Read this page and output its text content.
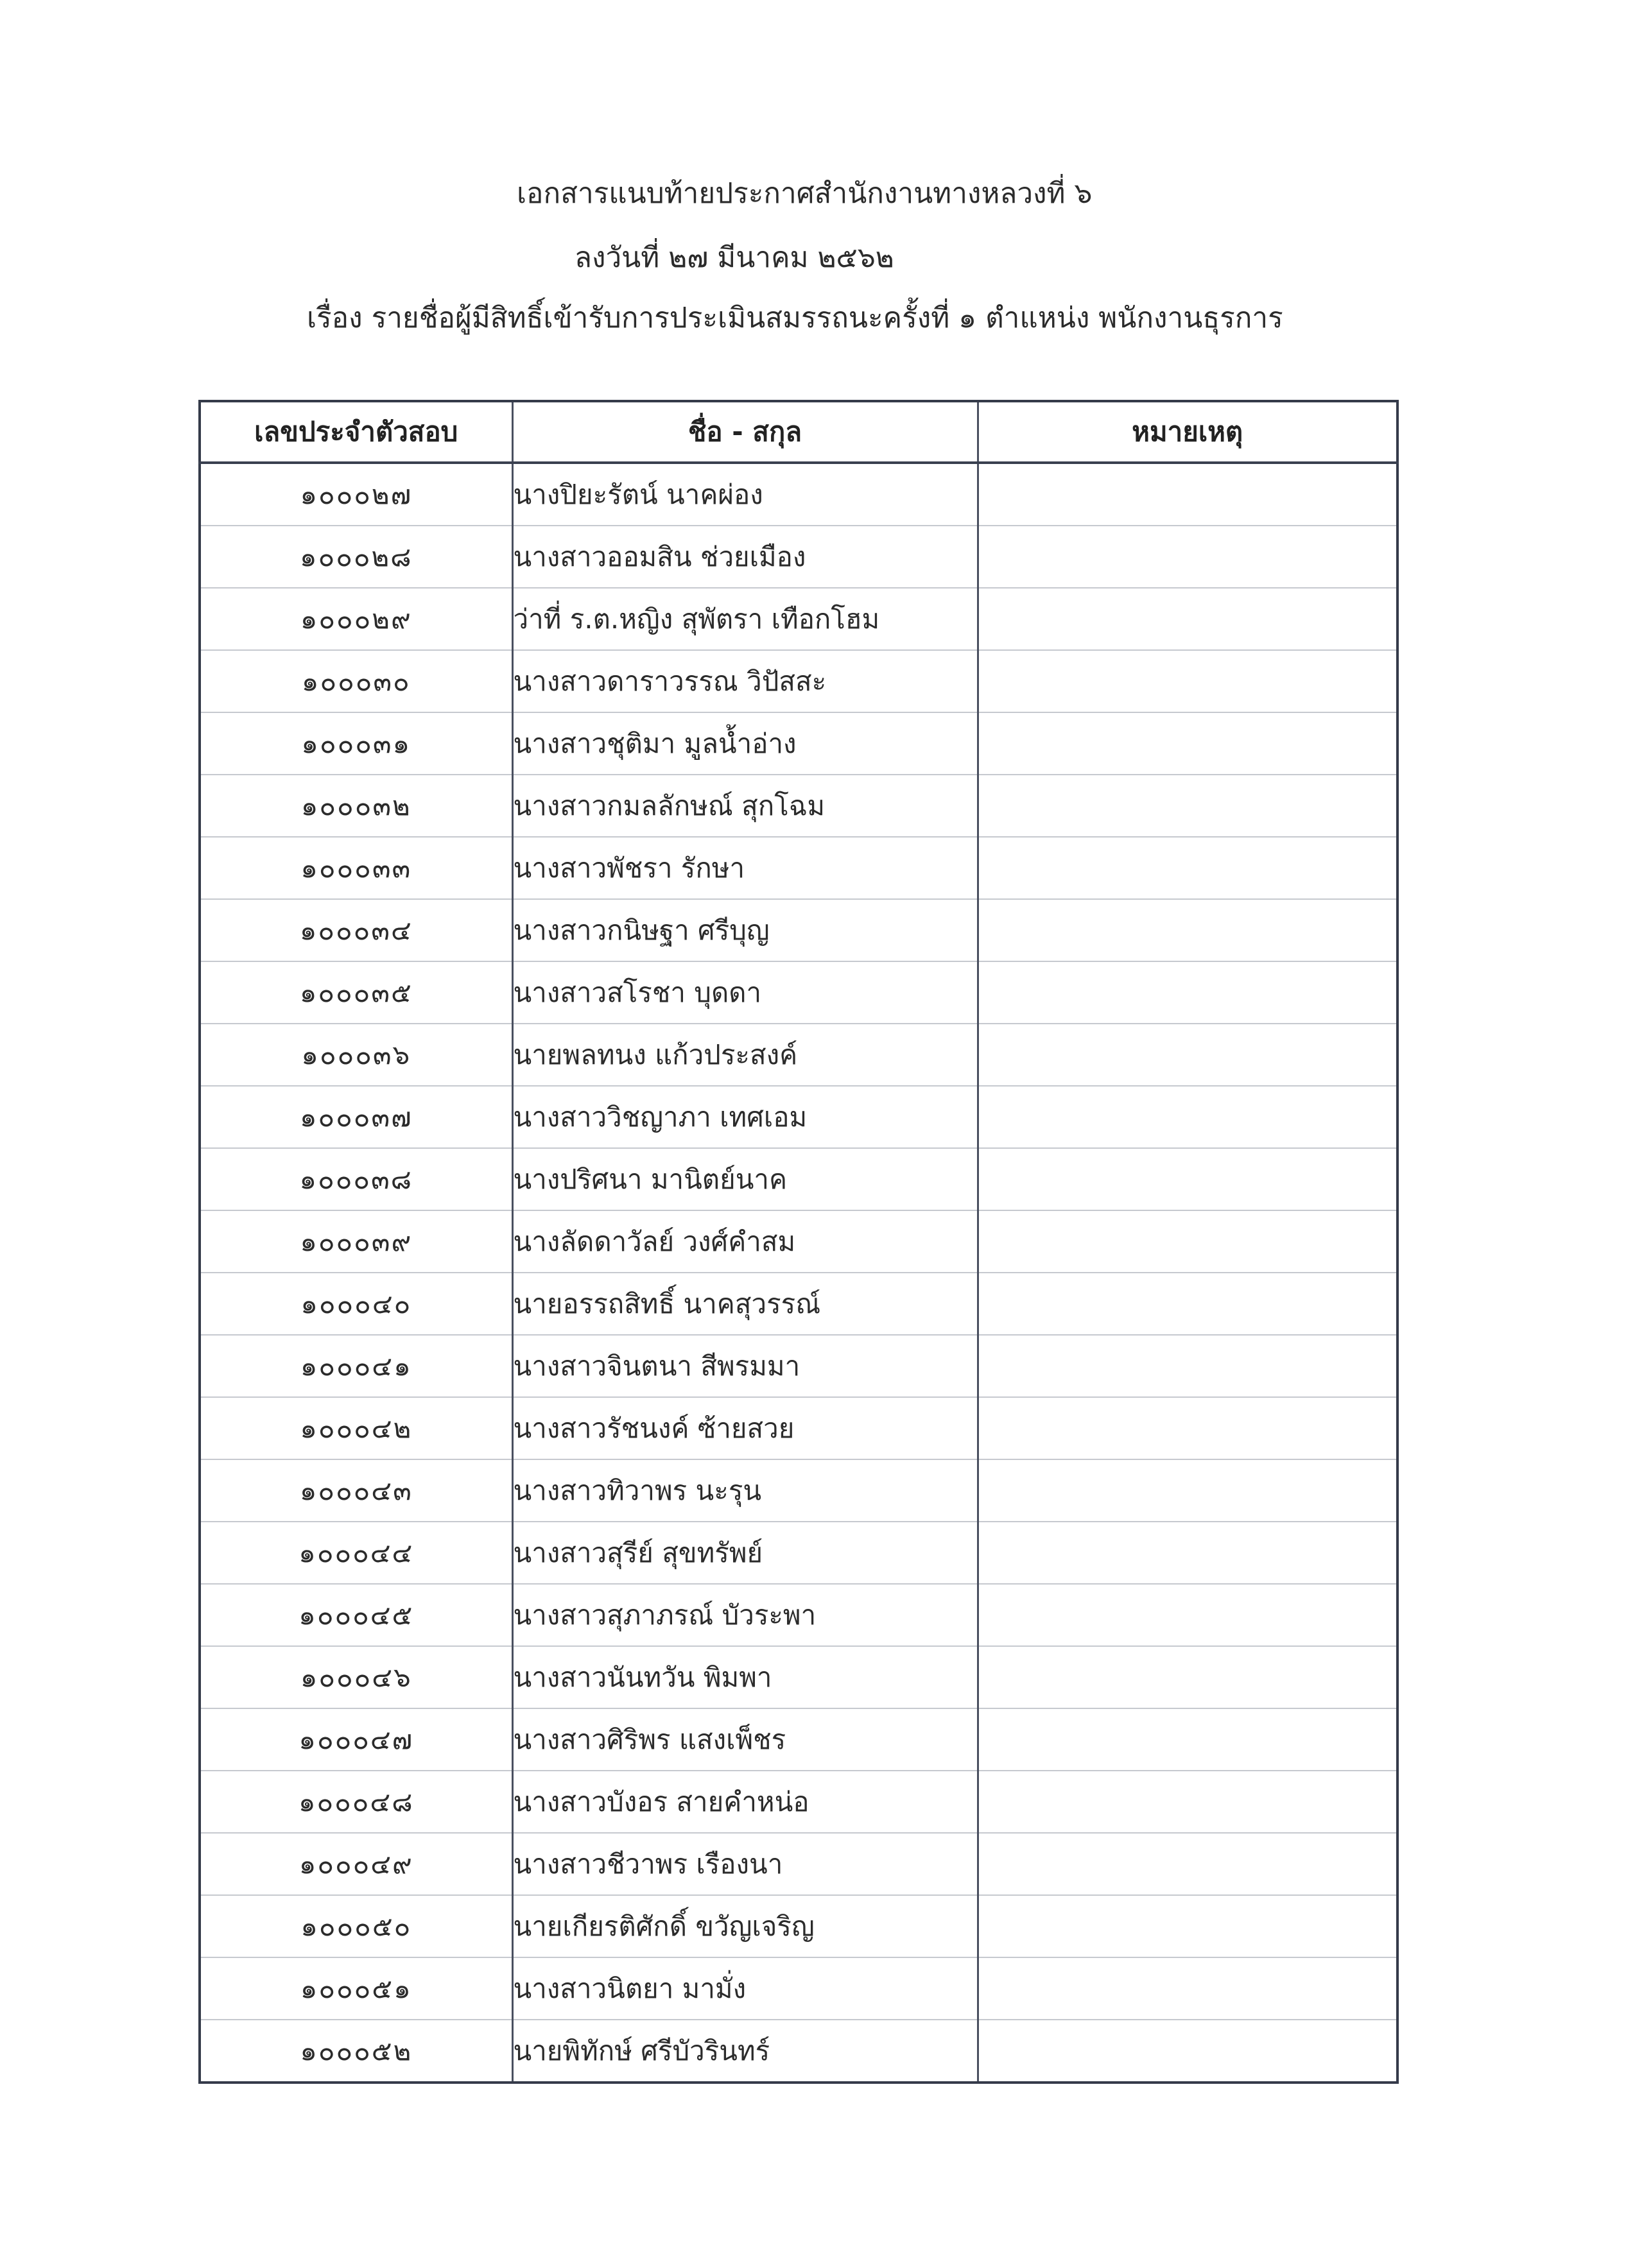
เอกสารแนบท้ายประกาศสำนักงานทางหลวงที่ ๖
ลงวันที่ ๒๗ มีนาคม ๒๕๖๒
เรื่อง รายชื่อผู้มีสิทธิ์เข้ารับการประเมินสมรรถนะครั้งที่ ๑ ตำแหน่ง พนักงานธุรการ
เลขประจำตัวสอบ	ชื่อ - สกุล	หมายเหตุ
๑๐๐๐๒๗	นางปิยะรัตน์ นาคผ่อง	
๑๐๐๐๒๘	นางสาวออมสิน ช่วยเมือง	
๑๐๐๐๒๙	ว่าที่ ร.ต.หญิง สุพัตรา เทือกโฮม	
๑๐๐๐๓๐	นางสาวดาราวรรณ วิปัสสะ	
๑๐๐๐๓๑	นางสาวชุติมา มูลน้ำอ่าง	
๑๐๐๐๓๒	นางสาวกมลลักษณ์ สุกโฉม	
๑๐๐๐๓๓	นางสาวพัชรา รักษา	
๑๐๐๐๓๔	นางสาวกนิษฐา ศรีบุญ	
๑๐๐๐๓๕	นางสาวสโรชา บุดดา	
๑๐๐๐๓๖	นายพลทนง แก้วประสงค์	
๑๐๐๐๓๗	นางสาววิชญาภา เทศเอม	
๑๐๐๐๓๘	นางปริศนา มานิตย์นาค	
๑๐๐๐๓๙	นางลัดดาวัลย์ วงศ์คำสม	
๑๐๐๐๔๐	นายอรรถสิทธิ์ นาคสุวรรณ์	
๑๐๐๐๔๑	นางสาวจินตนา สีพรมมา	
๑๐๐๐๔๒	นางสาวรัชนงค์ ซ้ายสวย	
๑๐๐๐๔๓	นางสาวทิวาพร นะรุน	
๑๐๐๐๔๔	นางสาวสุรีย์ สุขทรัพย์	
๑๐๐๐๔๕	นางสาวสุภาภรณ์ บัวระพา	
๑๐๐๐๔๖	นางสาวนันทวัน พิมพา	
๑๐๐๐๔๗	นางสาวศิริพร แสงเพ็ชร	
๑๐๐๐๔๘	นางสาวบังอร สายคำหน่อ	
๑๐๐๐๔๙	นางสาวชีวาพร เรืองนา	
๑๐๐๐๕๐	นายเกียรติศักดิ์ ขวัญเจริญ	
๑๐๐๐๕๑	นางสาวนิตยา มามั่ง	
๑๐๐๐๕๒	นายพิทักษ์ ศรีบัวรินทร์	
